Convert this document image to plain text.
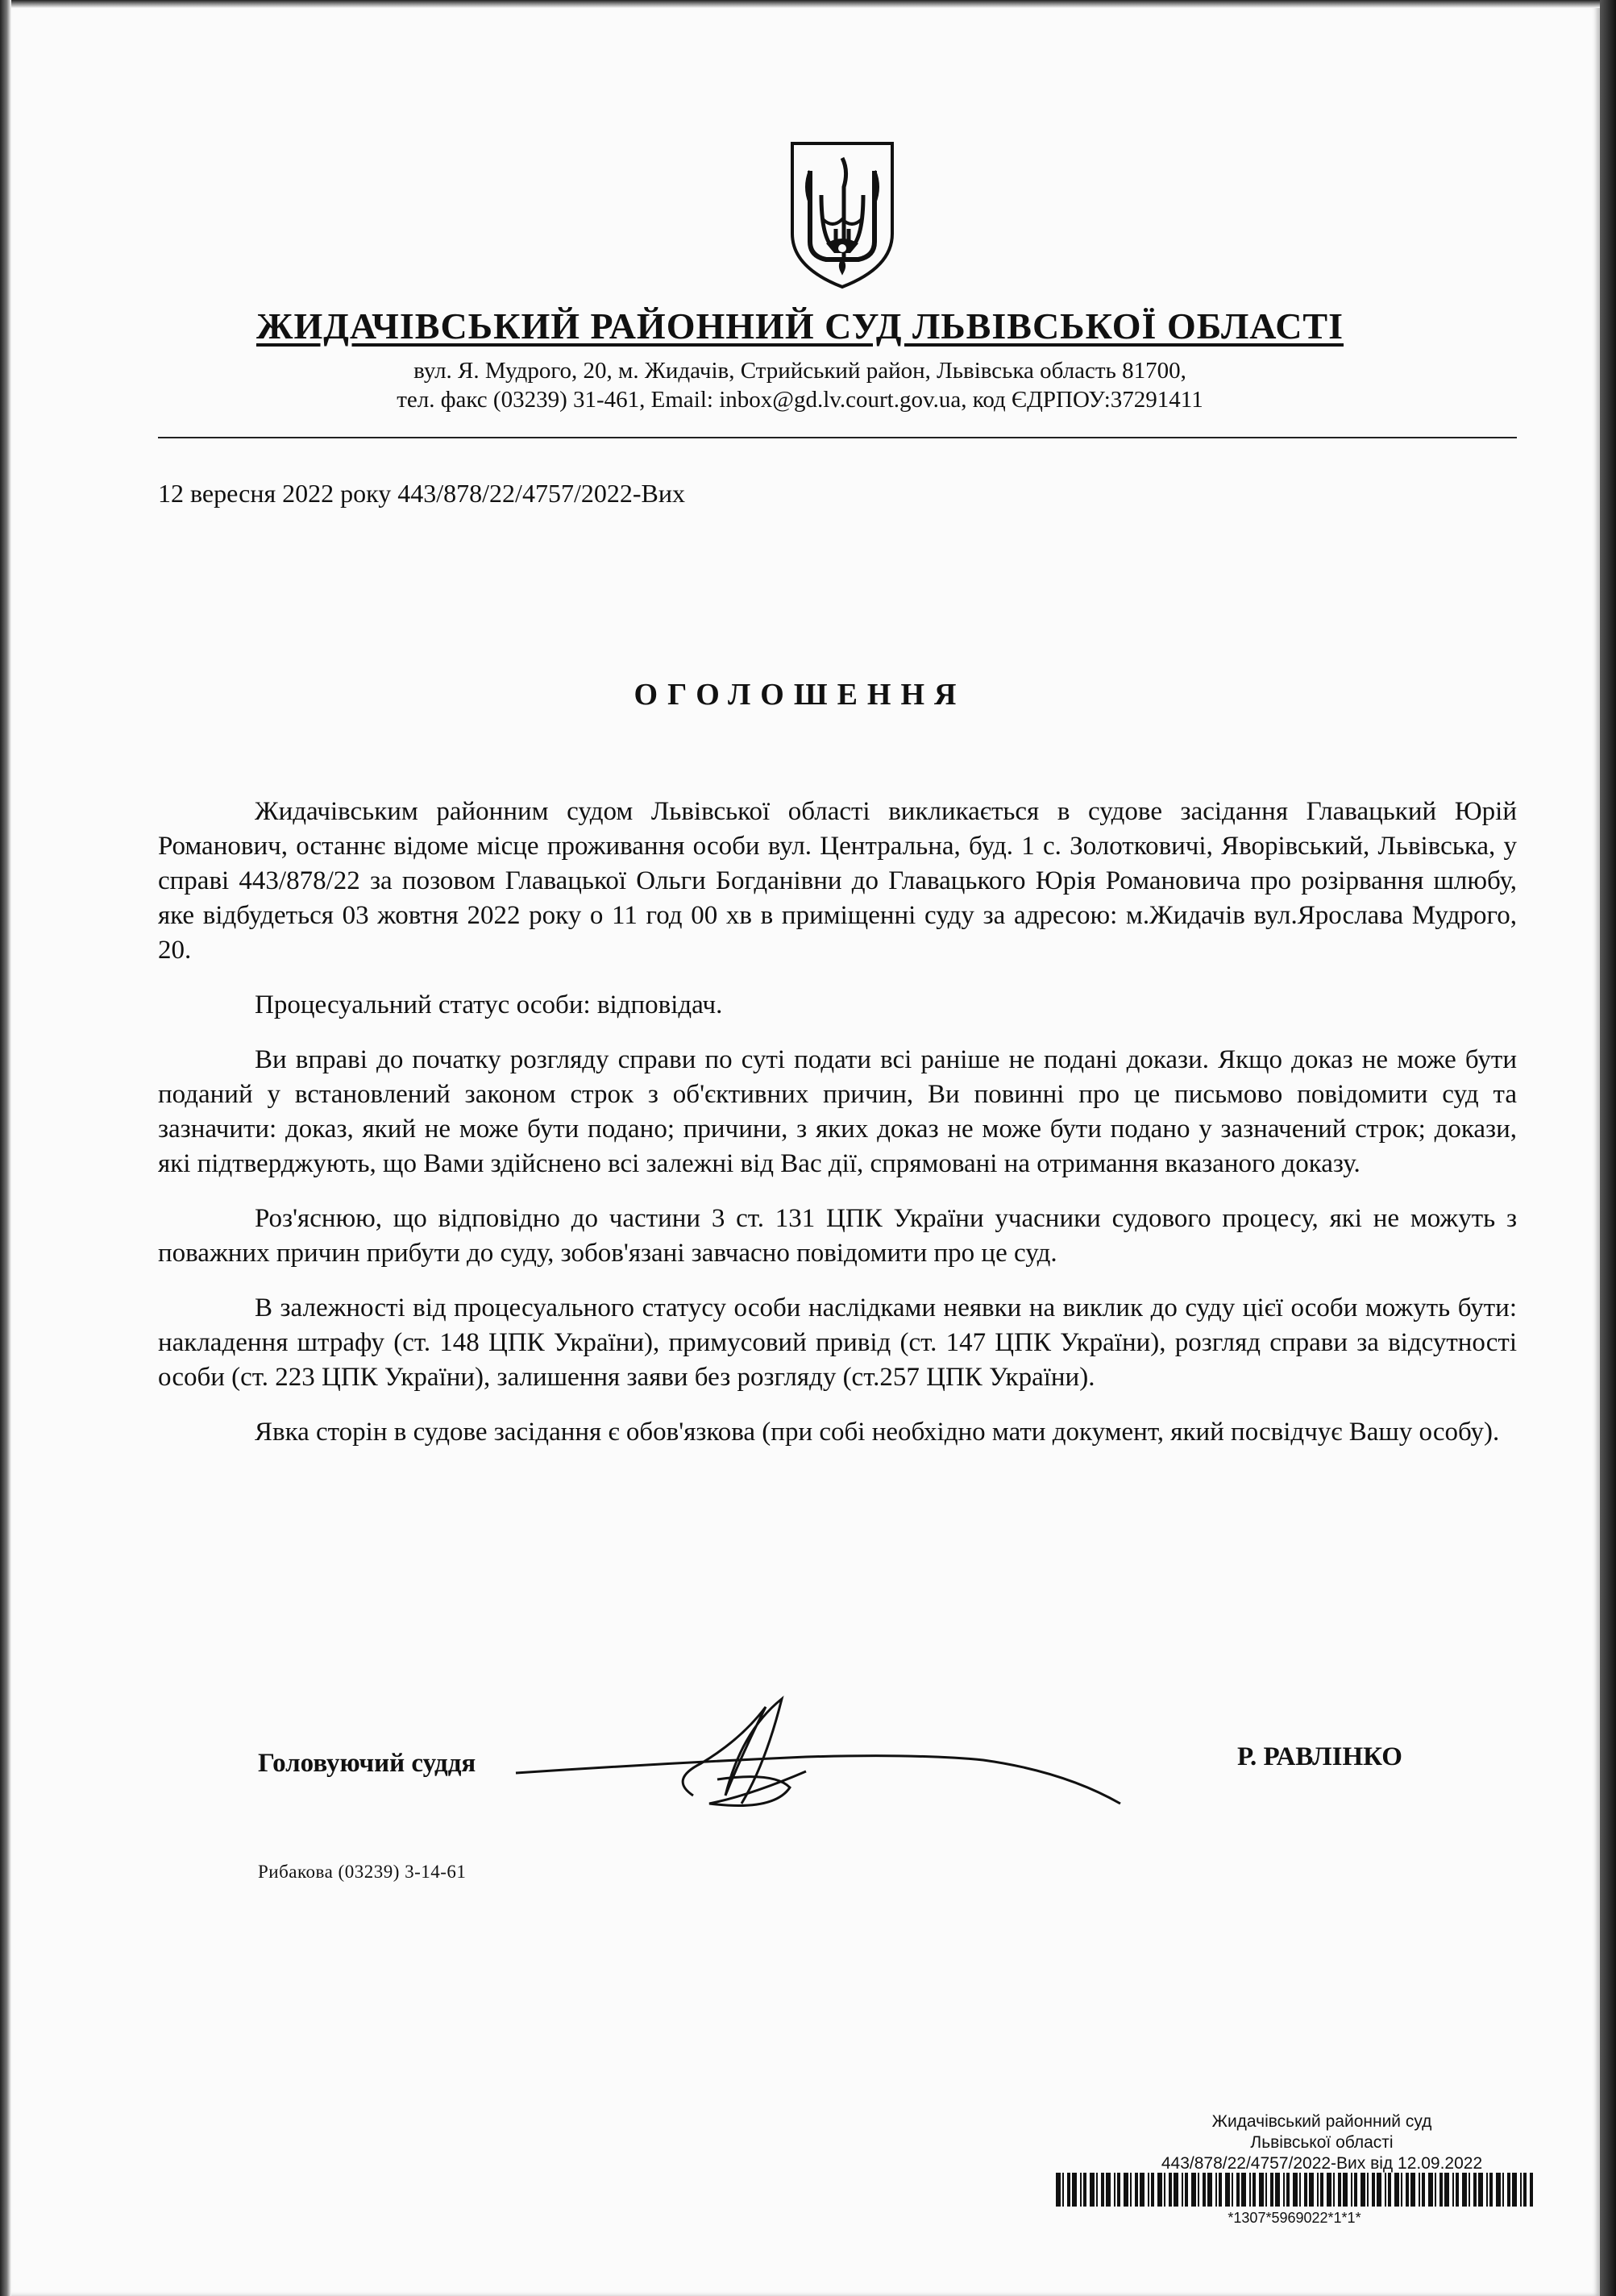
ЖИДАЧІВСЬКИЙ РАЙОННИЙ СУД ЛЬВІВСЬКОЇ ОБЛАСТІ
вул. Я. Мудрого, 20, м. Жидачів, Стрийський район, Львівська область 81700,
тел. факс (03239) 31-461, Email: inbox@gd.lv.court.gov.ua, код ЄДРПОУ:37291411
12 вересня 2022 року 443/878/22/4757/2022-Вих
ОГОЛОШЕННЯ

Жидачівським районним судом Львівської області викликається в судове засідання Главацький Юрій Романович, останнє відоме місце проживання особи вул. Центральна, буд. 1 с. Золотковичі, Яворівський, Львівська, у справі 443/878/22 за позовом Главацької Ольги Богданівни до Главацького Юрія Романовича про розірвання шлюбу, яке відбудеться 03 жовтня 2022 року о 11 год 00 хв в приміщенні суду за адресою: м.Жидачів вул.Ярослава Мудрого, 20.

Процесуальний статус особи: відповідач.

Ви вправі до початку розгляду справи по суті подати всі раніше не подані докази. Якщо доказ не може бути поданий у встановлений законом строк з об'єктивних причин, Ви повинні про це письмово повідомити суд та зазначити: доказ, який не може бути подано; причини, з яких доказ не може бути подано у зазначений строк; докази, які підтверджують, що Вами здійснено всі залежні від Вас дії, спрямовані на отримання вказаного доказу.

Роз'яснюю, що відповідно до частини 3 ст. 131 ЦПК України учасники судового процесу, які не можуть з поважних причин прибути до суду, зобов'язані завчасно повідомити про це суд.

В залежності від процесуального статусу особи наслідками неявки на виклик до суду цієї особи можуть бути: накладення штрафу (ст. 148 ЦПК України), примусовий привід (ст. 147 ЦПК України), розгляд справи за відсутності особи (ст. 223 ЦПК України), залишення заяви без розгляду (ст.257 ЦПК України).

Явка сторін в судове засідання є обов'язкова (при собі необхідно мати документ, який посвідчує Вашу особу).

Головуючий суддя	Р. РАВЛІНКО
Рибакова (03239) 3-14-61
Жидачівський районний суд
Львівської області
443/878/22/4757/2022-Вих від 12.09.2022
*1307*5969022*1*1*
